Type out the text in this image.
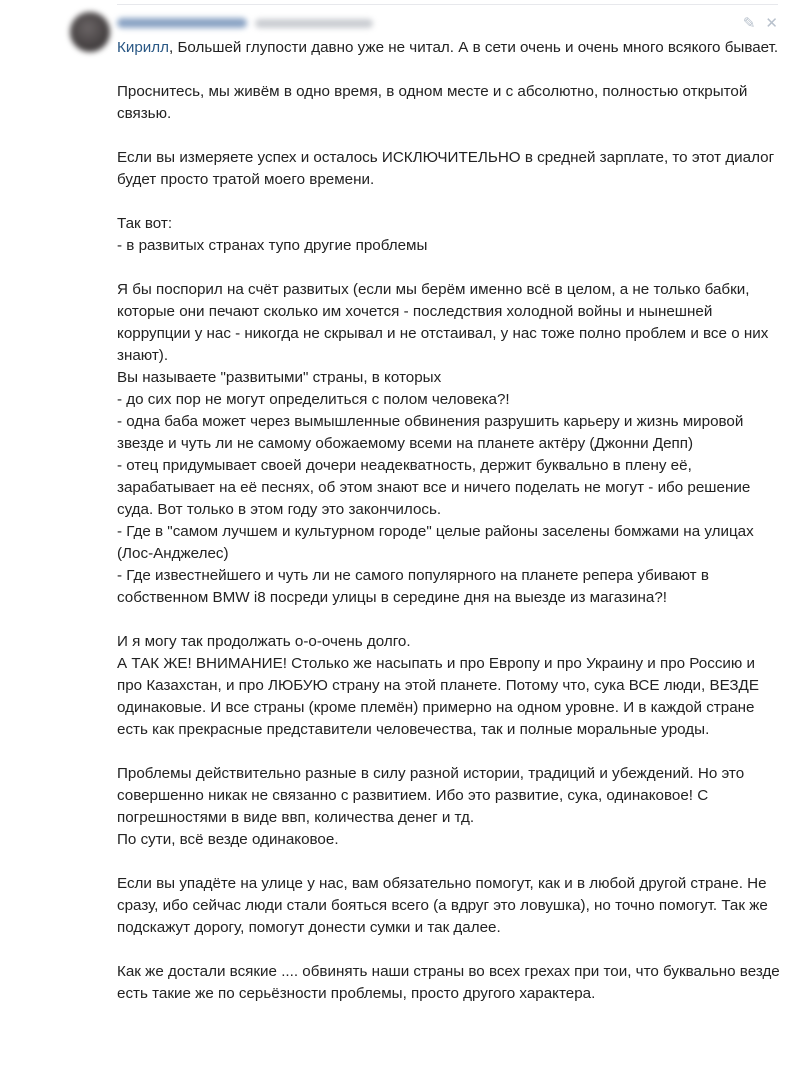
✎ ✕

Кирилл, Большей глупости давно уже не читал. А в сети очень и очень много всякого бывает.

Проснитесь, мы живём в одно время, в одном месте и с абсолютно, полностью открытой связью.

Если вы измеряете успех и осталось ИСКЛЮЧИТЕЛЬНО в средней зарплате, то этот диалог будет просто тратой моего времени.

Так вот:
- в развитых странах тупо другие проблемы

Я бы поспорил на счёт развитых (если мы берём именно всё в целом, а не только бабки, которые они печают сколько им хочется - последствия холодной войны и нынешней коррупции у нас - никогда не скрывал и не отстаивал, у нас тоже полно проблем и все о них знают).
Вы называете "развитыми" страны, в которых
- до сих пор не могут определиться с полом человека?!
- одна баба может через вымышленные обвинения разрушить карьеру и жизнь мировой звезде и чуть ли не самому обожаемому всеми на планете актёру (Джонни Депп)
- отец придумывает своей дочери неадекватность, держит буквально в плену её, зарабатывает на её песнях, об этом знают все и ничего поделать не могут - ибо решение суда. Вот только в этом году это закончилось.
- Где в "самом лучшем и культурном городе" целые районы заселены бомжами на улицах (Лос-Анджелес)
- Где известнейшего и чуть ли не самого популярного на планете репера убивают в собственном BMW i8 посреди улицы в середине дня на выезде из магазина?!

И я могу так продолжать о-о-очень долго.
А ТАК ЖЕ! ВНИМАНИЕ! Столько же насыпать и про Европу и про Украину и про Россию и про Казахстан, и про ЛЮБУЮ страну на этой планете. Потому что, сука ВСЕ люди, ВЕЗДЕ одинаковые. И все страны (кроме племён) примерно на одном уровне. И в каждой стране есть как прекрасные представители человечества, так и полные моральные уроды.

Проблемы действительно разные в силу разной истории, традиций и убеждений. Но это совершенно никак не связанно с развитием. Ибо это развитие, сука, одинаковое! С погрешностями в виде ввп, количества денег и тд.
По сути, всё везде одинаковое.

Если вы упадёте на улице у нас, вам обязательно помогут, как и в любой другой стране. Не сразу, ибо сейчас люди стали бояться всего (а вдруг это ловушка), но точно помогут. Так же подскажут дорогу, помогут донести сумки и так далее.

Как же достали всякие .... обвинять наши страны во всех грехах при тои, что буквально везде есть такие же по серьёзности проблемы, просто другого характера.
